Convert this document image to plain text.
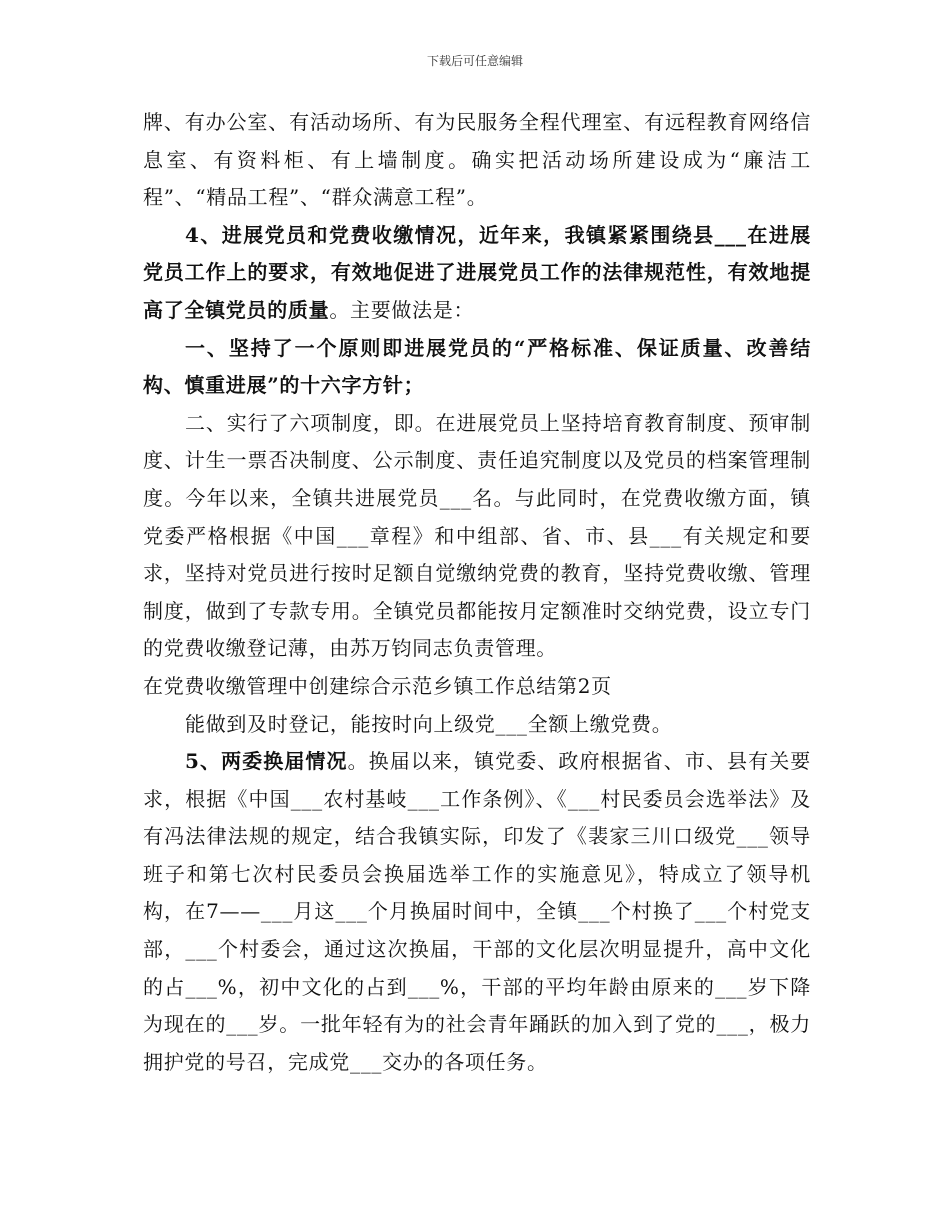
下载后可任意编辑

牌、有办公室、有活动场所、有为民服务全程代理室、有远程教育网络信息室、有资料柜、有上墙制度。确实把活动场所建设成为“廉洁工程”、“精品工程”、“群众满意工程”。

4、进展党员和党费收缴情况，近年来，我镇紧紧围绕县___在进展党员工作上的要求，有效地促进了进展党员工作的法律规范性，有效地提高了全镇党员的质量。主要做法是：

一、坚持了一个原则即进展党员的“严格标准、保证质量、改善结构、慎重进展”的十六字方针；

二、实行了六项制度，即。在进展党员上坚持培育教育制度、预审制度、计生一票否决制度、公示制度、责任追究制度以及党员的档案管理制度。今年以来，全镇共进展党员___名。与此同时，在党费收缴方面，镇党委严格根据《中国___章程》和中组部、省、市、县___有关规定和要求，坚持对党员进行按时足额自觉缴纳党费的教育，坚持党费收缴、管理制度，做到了专款专用。全镇党员都能按月定额准时交纳党费，设立专门的党费收缴登记薄，由苏万钧同志负责管理。

在党费收缴管理中创建综合示范乡镇工作总结第2页

能做到及时登记，能按时向上级党___全额上缴党费。

5、两委换届情况。换届以来，镇党委、政府根据省、市、县有关要求，根据《中国___农村基岐___工作条例》、《___村民委员会选举法》及有冯法律法规的规定，结合我镇实际，印发了《裴家三川口级党___领导班子和第七次村民委员会换届选举工作的实施意见》，特成立了领导机构，在7——___月这___个月换届时间中，全镇___个村换了___个村党支部，___个村委会，通过这次换届，干部的文化层次明显提升，高中文化的占___%，初中文化的占到___%，干部的平均年龄由原来的___岁下降为现在的___岁。一批年轻有为的社会青年踊跃的加入到了党的___，极力拥护党的号召，完成党___交办的各项任务。
